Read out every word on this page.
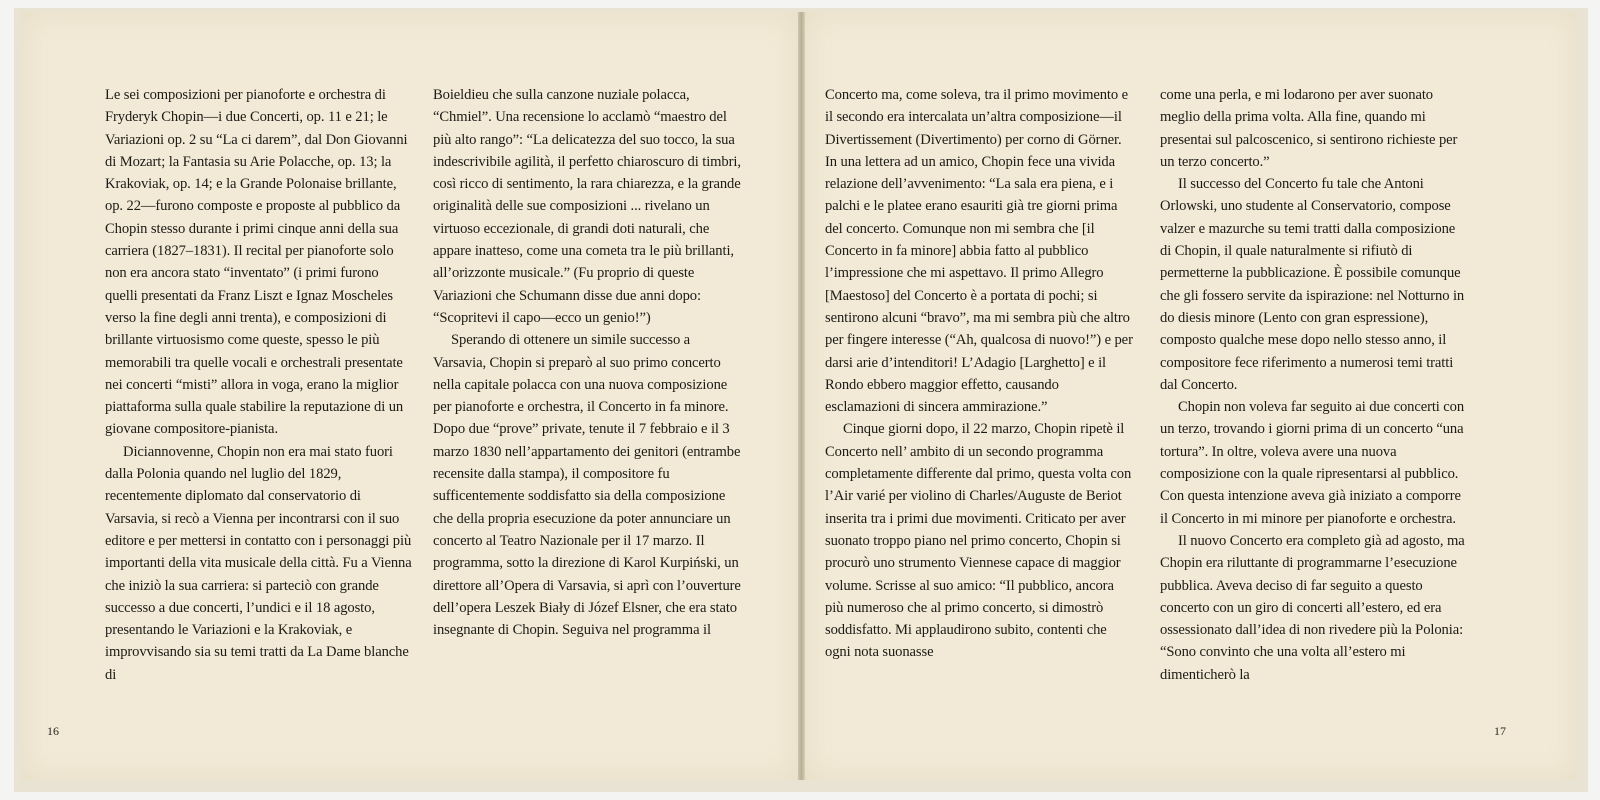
Le sei composizioni per pianoforte e orchestra di Fryderyk Chopin—i due Concerti, op. 11 e 21; le Variazioni op. 2 su “La ci darem”, dal Don Giovanni di Mozart; la Fantasia su Arie Polacche, op. 13; la Krakoviak, op. 14; e la Grande Polonaise brillante, op. 22—furono composte e proposte al pubblico da Chopin stesso durante i primi cinque anni della sua carriera (1827–1831). Il recital per pianoforte solo non era ancora stato “inventato” (i primi furono quelli presentati da Franz Liszt e Ignaz Moscheles verso la fine degli anni trenta), e composizioni di brillante virtuosismo come queste, spesso le più memorabili tra quelle vocali e orchestrali presentate nei concerti “misti” allora in voga, erano la miglior piattaforma sulla quale stabilire la reputazione di un giovane compositore-pianista.

Diciannovenne, Chopin non era mai stato fuori dalla Polonia quando nel luglio del 1829, recentemente diplomato dal conservatorio di Varsavia, si recò a Vienna per incontrarsi con il suo editore e per mettersi in contatto con i personaggi più importanti della vita musicale della città. Fu a Vienna che iniziò la sua carriera: si parteciò con grande successo a due concerti, l’undici e il 18 agosto, presentando le Variazioni e la Krakoviak, e improvvisando sia su temi tratti da La Dame blanche di

Boieldieu che sulla canzone nuziale polacca, “Chmiel”. Una recensione lo acclamò “maestro del più alto rango”: “La delicatezza del suo tocco, la sua indescrivibile agilità, il perfetto chiaroscuro di timbri, così ricco di sentimento, la rara chiarezza, e la grande originalità delle sue composizioni ... rivelano un virtuoso eccezionale, di grandi doti naturali, che appare inatteso, come una cometa tra le più brillanti, all’orizzonte musicale.” (Fu proprio di queste Variazioni che Schumann disse due anni dopo: “Scopritevi il capo—ecco un genio!”)

Sperando di ottenere un simile successo a Varsavia, Chopin si preparò al suo primo concerto nella capitale polacca con una nuova composizione per pianoforte e orchestra, il Concerto in fa minore. Dopo due “prove” private, tenute il 7 febbraio e il 3 marzo 1830 nell’appartamento dei genitori (entrambe recensite dalla stampa), il compositore fu sufficentemente soddisfatto sia della composizione che della propria esecuzione da poter annunciare un concerto al Teatro Nazionale per il 17 marzo. Il programma, sotto la direzione di Karol Kurpiński, un direttore all’Opera di Varsavia, si aprì con l’ouverture dell’opera Leszek Biały di Józef Elsner, che era stato insegnante di Chopin. Seguiva nel programma il

Concerto ma, come soleva, tra il primo movimento e il secondo era intercalata un’altra composizione—il Divertissement (Divertimento) per corno di Görner. In una lettera ad un amico, Chopin fece una vivida relazione dell’avvenimento: “La sala era piena, e i palchi e le platee erano esauriti già tre giorni prima del concerto. Comunque non mi sembra che [il Concerto in fa minore] abbia fatto al pubblico l’impressione che mi aspettavo. Il primo Allegro [Maestoso] del Concerto è a portata di pochi; si sentirono alcuni “bravo”, ma mi sembra più che altro per fingere interesse (“Ah, qualcosa di nuovo!”) e per darsi arie d’intenditori! L’Adagio [Larghetto] e il Rondo ebbero maggior effetto, causando esclamazioni di sincera ammirazione.”

Cinque giorni dopo, il 22 marzo, Chopin ripetè il Concerto nell’ ambito di un secondo programma completamente differente dal primo, questa volta con l’Air varié per violino di Charles/Auguste de Beriot inserita tra i primi due movimenti. Criticato per aver suonato troppo piano nel primo concerto, Chopin si procurò uno strumento Viennese capace di maggior volume. Scrisse al suo amico: “Il pubblico, ancora più numeroso che al primo concerto, si dimostrò soddisfatto. Mi applaudirono subito, contenti che ogni nota suonasse

come una perla, e mi lodarono per aver suonato meglio della prima volta. Alla fine, quando mi presentai sul palcoscenico, si sentirono richieste per un terzo concerto.”

Il successo del Concerto fu tale che Antoni Orlowski, uno studente al Conservatorio, compose valzer e mazurche su temi tratti dalla composizione di Chopin, il quale naturalmente si rifiutò di permetterne la pubblicazione. È possibile comunque che gli fossero servite da ispirazione: nel Notturno in do diesis minore (Lento con gran espressione), composto qualche mese dopo nello stesso anno, il compositore fece riferimento a numerosi temi tratti dal Concerto.

Chopin non voleva far seguito ai due concerti con un terzo, trovando i giorni prima di un concerto “una tortura”. In oltre, voleva avere una nuova composizione con la quale ripresentarsi al pubblico. Con questa intenzione aveva già iniziato a comporre il Concerto in mi minore per pianoforte e orchestra.

Il nuovo Concerto era completo già ad agosto, ma Chopin era riluttante di programmarne l’esecuzione pubblica. Aveva deciso di far seguito a questo concerto con un giro di concerti all’estero, ed era ossessionato dall’idea di non rivedere più la Polonia: “Sono convinto che una volta all’estero mi dimenticherò la

16	17
